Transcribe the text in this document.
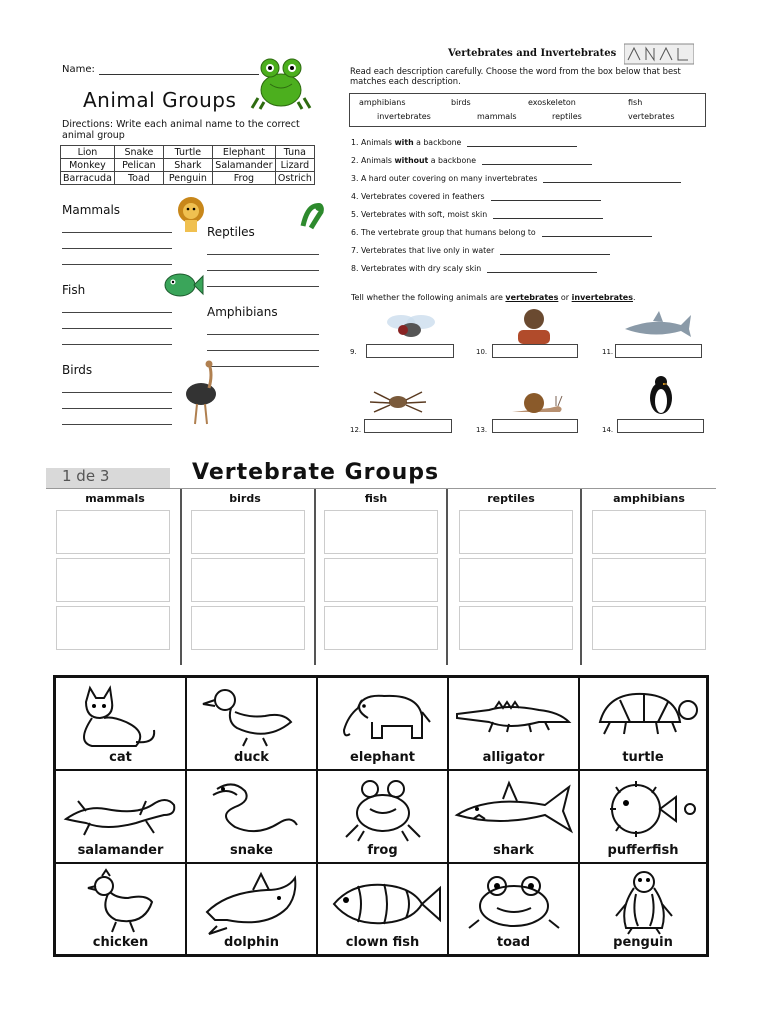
Name:
Animal Groups
Directions: Write each animal name to the correct animal group
Lion	Snake	Turtle	Elephant	Tuna
Monkey	Pelican	Shark	Salamander	Lizard
Barracuda	Toad	Penguin	Frog	Ostrich
Mammals
Reptiles
Fish
Amphibians
Birds
Vertebrates and Invertebrates
Read each description carefully. Choose the word from the box below that best matches each description.
amphibians	birds	exoskeleton	fish
invertebrates	mammals	reptiles	vertebrates
1. Animals with a backbone
2. Animals without a backbone
3. A hard outer covering on many invertebrates
4. Vertebrates covered in feathers
5. Vertebrates with soft, moist skin
6. The vertebrate group that humans belong to
7. Vertebrates that live only in water
8. Vertebrates with dry scaly skin
Tell whether the following animals are vertebrates or invertebrates.
9.	10.	11.
12.	13.	14.
1 de 3	Vertebrate Groups
mammals	birds	fish	reptiles	amphibians
cat	duck	elephant	alligator	turtle
salamander	snake	frog	shark	pufferfish
chicken	dolphin	clown fish	toad	penguin
